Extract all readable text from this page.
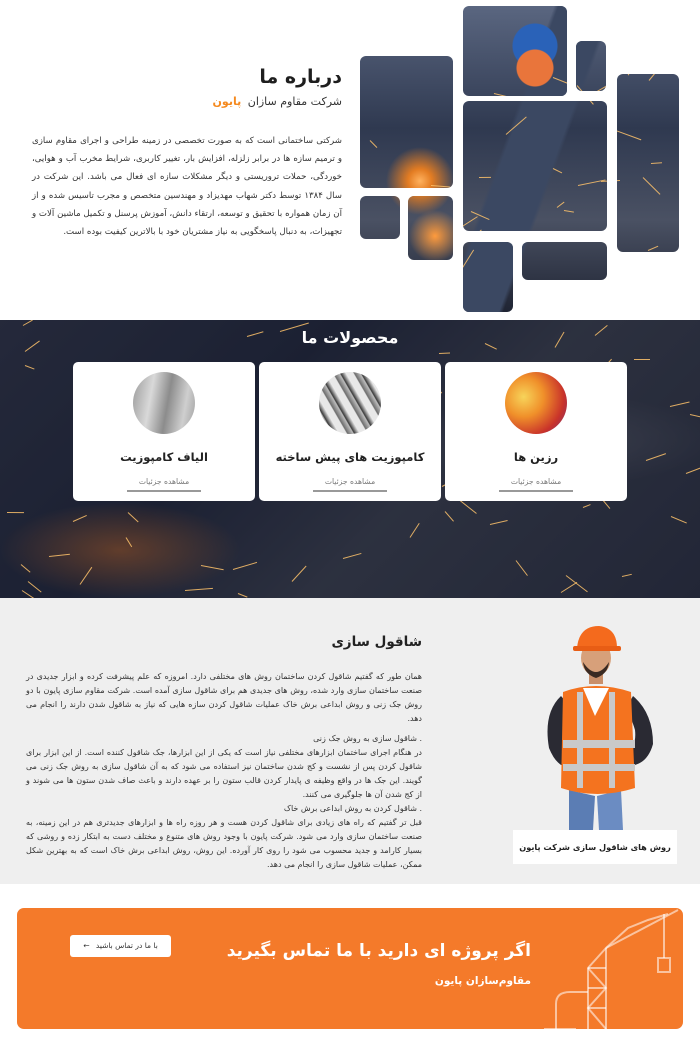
درباره ما

شرکت مقاوم سازان پایون

شرکتی ساختمانی است که به صورت تخصصی در زمینه طراحی و اجرای مقاوم سازی و ترمیم سازه ها در برابر زلزله، افزایش بار، تغییر کاربری، شرایط مخرب آب و هوایی، خوردگی، حملات تروریستی و دیگر مشکلات سازه ای فعال می باشد. این شرکت در سال ۱۳۸۴ توسط دکتر شهاب مهدیزاد و مهندسین متخصص و مجرب تاسیس شده و از آن زمان همواره با تحقیق و توسعه، ارتقاء دانش، آموزش پرسنل و تکمیل ماشین آلات و تجهیزات، به دنبال پاسخگویی به نیاز مشتریان خود با بالاترین کیفیت بوده است.

محصولات ما
رزین ها
مشاهده جزئیات
کامپوزیت های پیش ساخته
مشاهده جزئیات
الیاف کامپوزیت
مشاهده جزئیات
شاقول سازی

همان طور که گفتیم شاقول کردن ساختمان روش های مختلفی دارد. امروزه که علم پیشرفت کرده و ابزار جدیدی در صنعت ساختمان سازی وارد شده، روش های جدیدی هم برای شاقول سازی آمده است. شرکت مقاوم سازی پایون با دو روش جک زنی و روش ابداعی برش خاک عملیات شاقول کردن سازه هایی که نیاز به شاقول شدن دارند را انجام می دهد.

. شاقول سازی به روش جک زنی

در هنگام اجرای ساختمان ابزارهای مختلفی نیاز است که یکی از این ابزارها، جک شاقول کننده است. از این ابزار برای شاقول کردن پس از نشست و کج شدن ساختمان نیز استفاده می شود که به آن شاقول سازی به روش جک زنی می گویند. این جک ها در واقع وظیفه ی پایدار کردن قالب ستون را بر عهده دارند و باعث صاف شدن ستون ها می شوند و از کج شدن آن ها جلوگیری می کنند.

. شاقول کردن به روش ابداعی برش خاک

قبل تر گفتیم که راه های زیادی برای شاقول کردن هست و هر روزه راه ها و ابزارهای جدیدتری هم در این زمینه، به صنعت ساختمان سازی وارد می شود. شرکت پایون با وجود روش های متنوع و مختلف دست به ابتکار زده و روشی که بسیار کارامد و جدید محسوب می شود را روی کار آورده. این روش، روش ابداعی برش خاک است که به بهترین شکل ممکن، عملیات شاقول سازی را انجام می دهد.

روش های شاقول سازی شرکت پایون
اگر پروژه ای دارید با ما تماس بگیرید

مقاوم‌سازان پایون

با ما در تماس باشید ←
